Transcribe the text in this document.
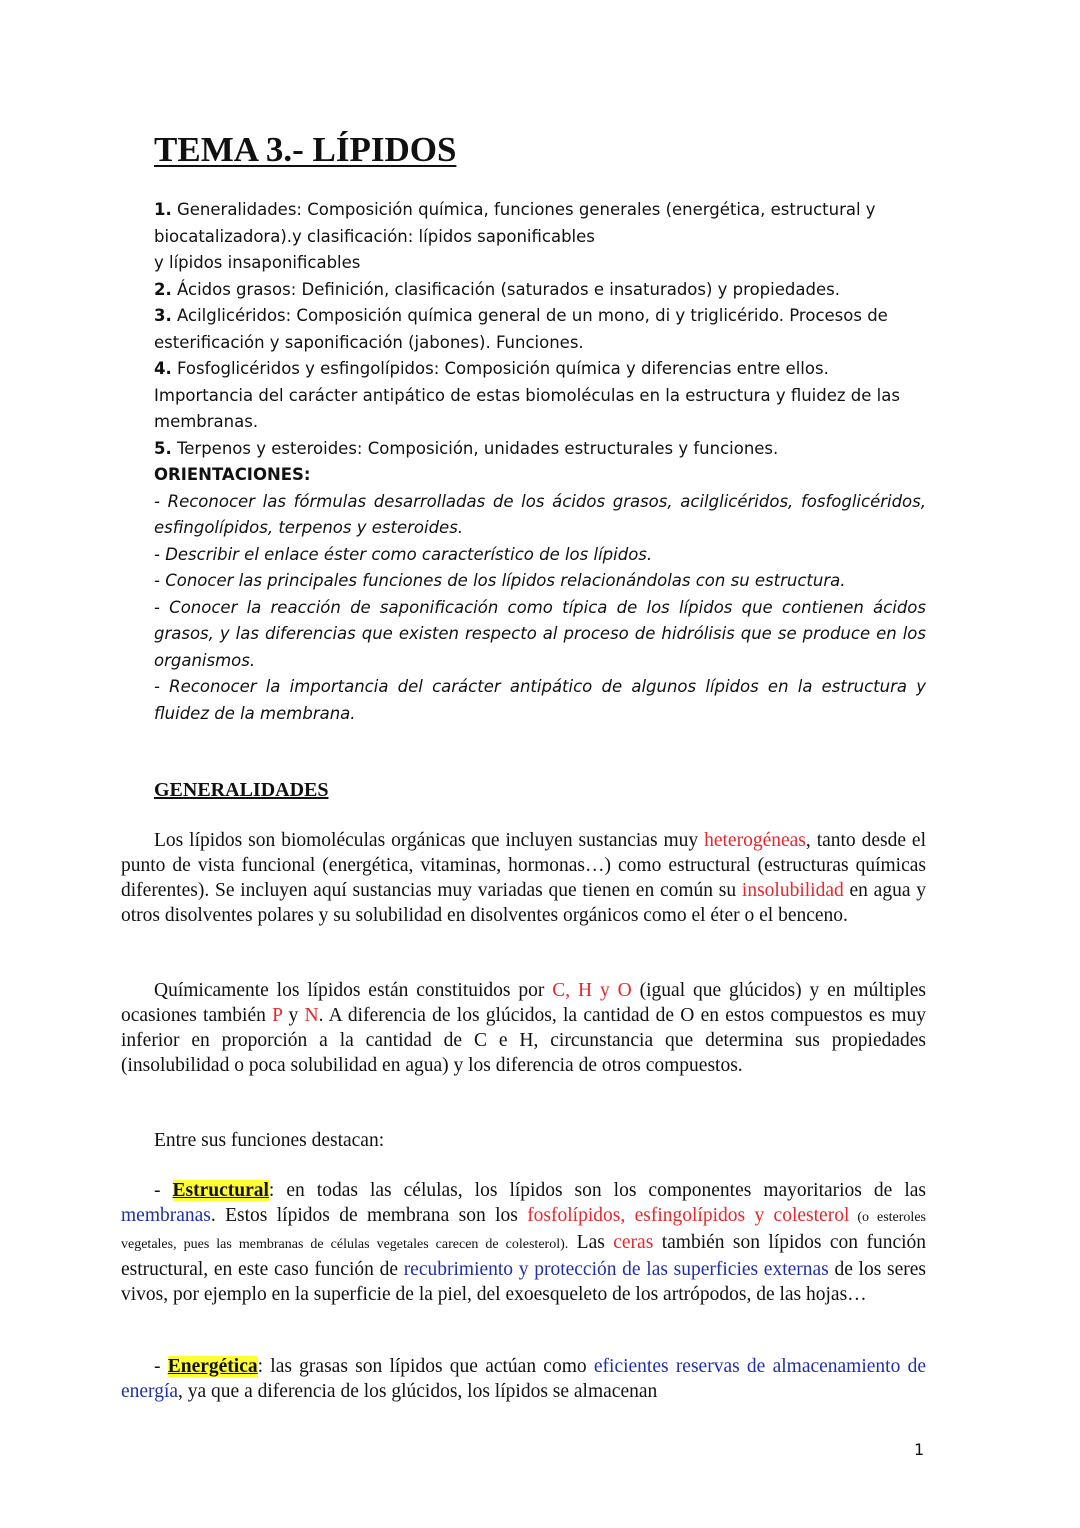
TEMA 3.- LÍPIDOS

1. Generalidades: Composición química, funciones generales (energética, estructural y biocatalizadora).y clasificación: lípidos saponificables

y lípidos insaponificables

2. Ácidos grasos: Definición, clasificación (saturados e insaturados) y propiedades.

3. Acilglicéridos: Composición química general de un mono, di y triglicérido. Procesos de esterificación y saponificación (jabones). Funciones.

4. Fosfoglicéridos y esfingolípidos: Composición química y diferencias entre ellos. Importancia del carácter antipático de estas biomoléculas en la estructura y fluidez de las membranas.

5. Terpenos y esteroides: Composición, unidades estructurales y funciones.

ORIENTACIONES:

- Reconocer las fórmulas desarrolladas de los ácidos grasos, acilglicéridos, fosfoglicéridos, esfingolípidos, terpenos y esteroides.

- Describir el enlace éster como característico de los lípidos.

- Conocer las principales funciones de los lípidos relacionándolas con su estructura.

- Conocer la reacción de saponificación como típica de los lípidos que contienen ácidos grasos, y las diferencias que existen respecto al proceso de hidrólisis que se produce en los organismos.

- Reconocer la importancia del carácter antipático de algunos lípidos en la estructura y fluidez de la membrana.

GENERALIDADES

Los lípidos son biomoléculas orgánicas que incluyen sustancias muy heterogéneas, tanto desde el punto de vista funcional (energética, vitaminas, hormonas…) como estructural (estructuras químicas diferentes). Se incluyen aquí sustancias muy variadas que tienen en común su insolubilidad en agua y otros disolventes polares y su solubilidad en disolventes orgánicos como el éter o el benceno.

Químicamente los lípidos están constituidos por C, H y O (igual que glúcidos) y en múltiples ocasiones también P y N. A diferencia de los glúcidos, la cantidad de O en estos compuestos es muy inferior en proporción a la cantidad de C e H, circunstancia que determina sus propiedades (insolubilidad o poca solubilidad en agua) y los diferencia de otros compuestos.

Entre sus funciones destacan:

- Estructural: en todas las células, los lípidos son los componentes mayoritarios de las membranas. Estos lípidos de membrana son los fosfolípidos, esfingolípidos y colesterol (o esteroles vegetales, pues las membranas de células vegetales carecen de colesterol). Las ceras también son lípidos con función estructural, en este caso función de recubrimiento y protección de las superficies externas de los seres vivos, por ejemplo en la superficie de la piel, del exoesqueleto de los artrópodos, de las hojas…

- Energética: las grasas son lípidos que actúan como eficientes reservas de almacenamiento de energía, ya que a diferencia de los glúcidos, los lípidos se almacenan

1
